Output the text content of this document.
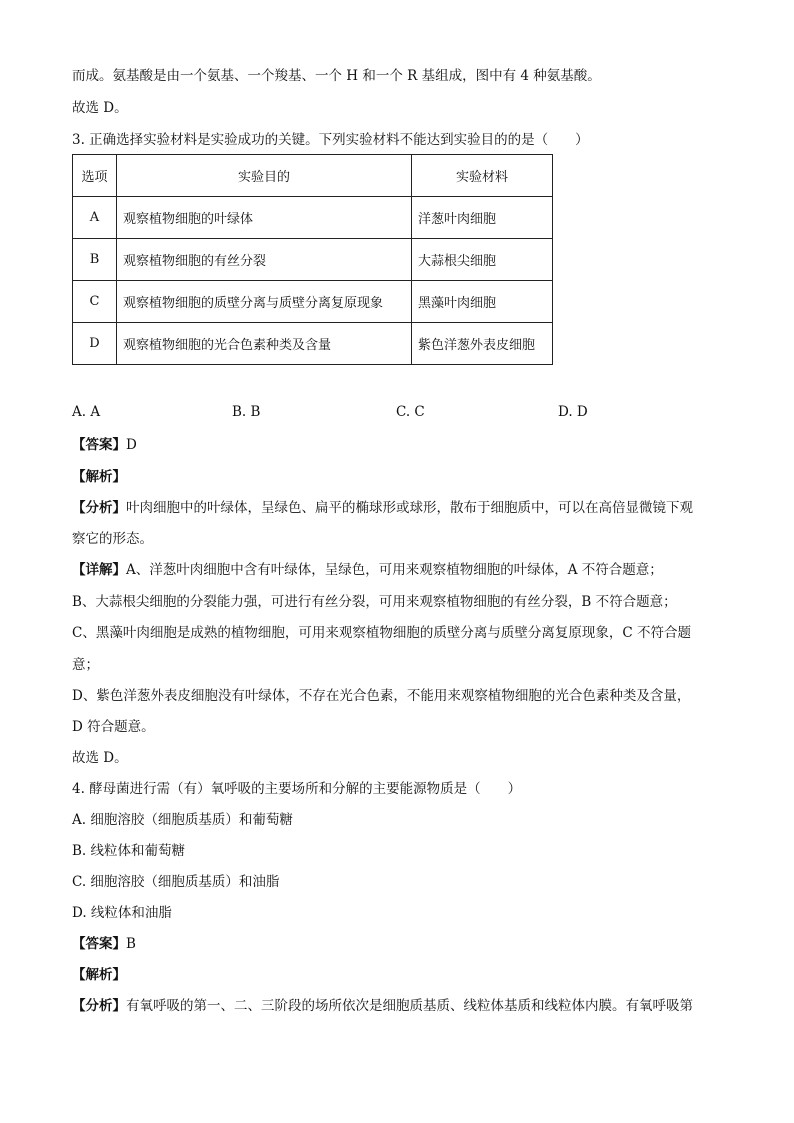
而成。氨基酸是由一个氨基、一个羧基、一个 H 和一个 R 基组成，图中有 4 种氨基酸。
故选 D。
3. 正确选择实验材料是实验成功的关键。下列实验材料不能达到实验目的的是（　　）
选项	实验目的	实验材料
A	观察植物细胞的叶绿体	洋葱叶肉细胞
B	观察植物细胞的有丝分裂	大蒜根尖细胞
C	观察植物细胞的质壁分离与质壁分离复原现象	黑藻叶肉细胞
D	观察植物细胞的光合色素种类及含量	紫色洋葱外表皮细胞
A. A	B. B	C. C	D. D
【答案】D
【解析】
【分析】叶肉细胞中的叶绿体，呈绿色、扁平的椭球形或球形，散布于细胞质中，可以在高倍显微镜下观
察它的形态。
【详解】A、洋葱叶肉细胞中含有叶绿体，呈绿色，可用来观察植物细胞的叶绿体，A 不符合题意；
B、大蒜根尖细胞的分裂能力强，可进行有丝分裂，可用来观察植物细胞的有丝分裂，B 不符合题意；
C、黑藻叶肉细胞是成熟的植物细胞，可用来观察植物细胞的质壁分离与质壁分离复原现象，C 不符合题
意；
D、紫色洋葱外表皮细胞没有叶绿体，不存在光合色素，不能用来观察植物细胞的光合色素种类及含量，
D 符合题意。
故选 D。
4. 酵母菌进行需（有）氧呼吸的主要场所和分解的主要能源物质是（　　）
A. 细胞溶胶（细胞质基质）和葡萄糖
B. 线粒体和葡萄糖
C. 细胞溶胶（细胞质基质）和油脂
D. 线粒体和油脂
【答案】B
【解析】
【分析】有氧呼吸的第一、二、三阶段的场所依次是细胞质基质、线粒体基质和线粒体内膜。有氧呼吸第
